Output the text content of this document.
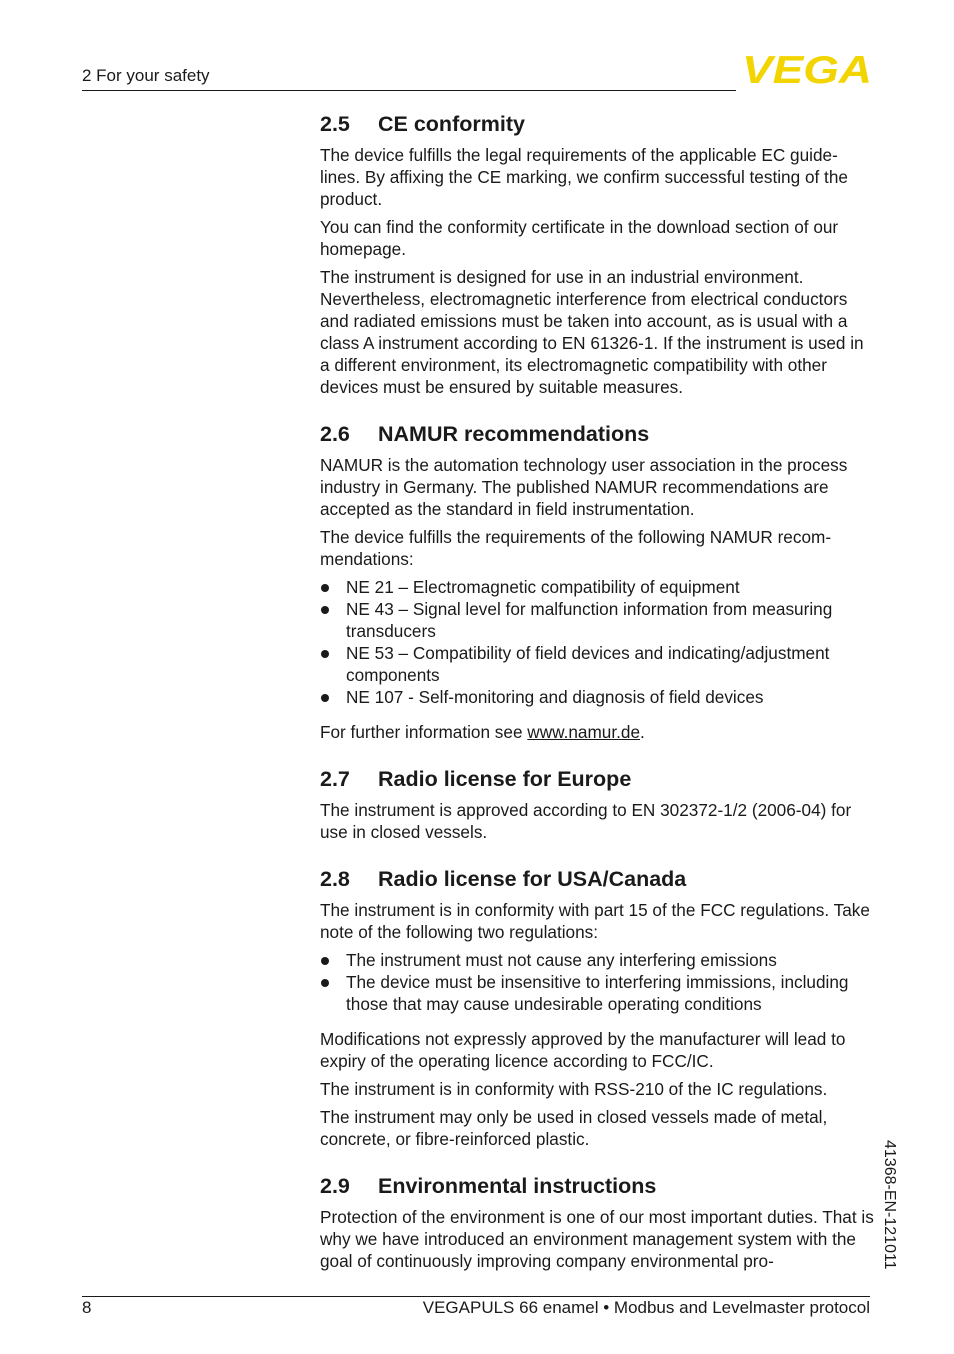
2 For your safety	VEGA
2.5	CE conformity

The device fulfills the legal requirements of the applicable EC guide-lines. By affixing the CE marking, we confirm successful testing of the product.

You can find the conformity certificate in the download section of our homepage.

The instrument is designed for use in an industrial environment. Nevertheless, electromagnetic interference from electrical conductors and radiated emissions must be taken into account, as is usual with a class A instrument according to EN 61326-1. If the instrument is used in a different environment, its electromagnetic compatibility with other devices must be ensured by suitable measures.

2.6	NAMUR recommendations

NAMUR is the automation technology user association in the process industry in Germany. The published NAMUR recommendations are accepted as the standard in field instrumentation.

The device fulfills the requirements of the following NAMUR recom-mendations:

NE 21 – Electromagnetic compatibility of equipment
NE 43 – Signal level for malfunction information from measuring transducers
NE 53 – Compatibility of field devices and indicating/adjustment components
NE 107 - Self-monitoring and diagnosis of field devices

For further information see www.namur.de.

2.7	Radio license for Europe

The instrument is approved according to EN 302372-1/2 (2006-04) for use in closed vessels.

2.8	Radio license for USA/Canada

The instrument is in conformity with part 15 of the FCC regulations. Take note of the following two regulations:

The instrument must not cause any interfering emissions
The device must be insensitive to interfering immissions, including those that may cause undesirable operating conditions

Modifications not expressly approved by the manufacturer will lead to expiry of the operating licence according to FCC/IC.

The instrument is in conformity with RSS-210 of the IC regulations.

The instrument may only be used in closed vessels made of metal, concrete, or fibre-reinforced plastic.

2.9	Environmental instructions

Protection of the environment is one of our most important duties. That is why we have introduced an environment management system with the goal of continuously improving company environmental pro-	41368-EN-121011
8	VEGAPULS 66 enamel • Modbus and Levelmaster protocol
